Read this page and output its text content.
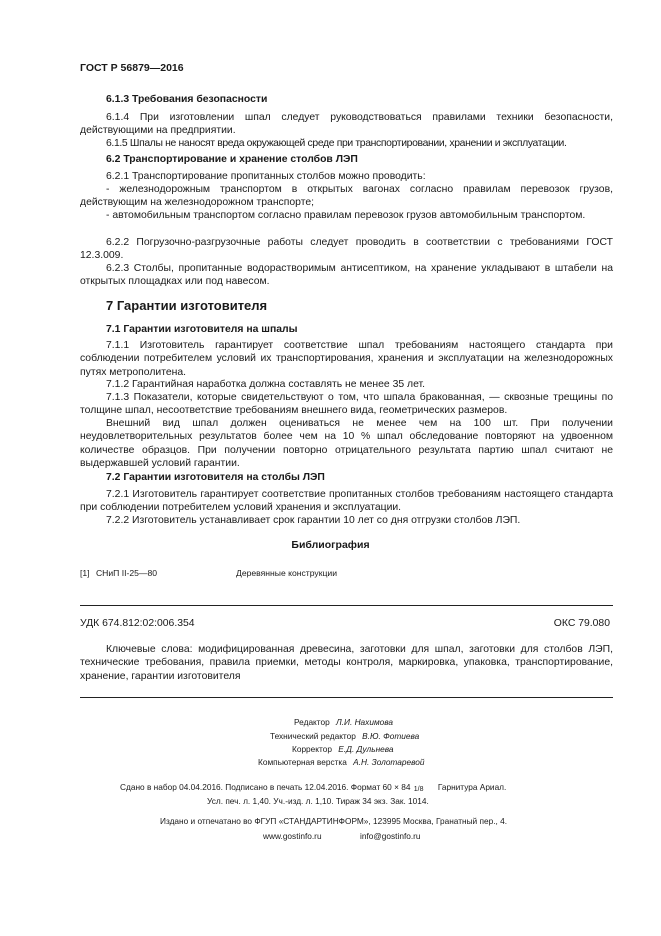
ГОСТ Р 56879—2016

6.1.3 Требования безопасности

6.1.4 При изготовлении шпал следует руководствоваться правилами техники безопасности, действующими на предприятии.

6.1.5 Шпалы не наносят вреда окружающей среде при транспортировании, хранении и эксплуатации.

6.2 Транспортирование и хранение столбов ЛЭП

6.2.1 Транспортирование пропитанных столбов можно проводить:

- железнодорожным транспортом в открытых вагонах согласно правилам перевозок грузов, действующим на железнодорожном транспорте;

- автомобильным транспортом согласно правилам перевозок грузов автомобильным транспортом.

6.2.2 Погрузочно-разгрузочные работы следует проводить в соответствии с требованиями ГОСТ 12.3.009.

6.2.3 Столбы, пропитанные водорастворимым антисептиком, на хранение укладывают в штабели на открытых площадках или под навесом.

7 Гарантии изготовителя

7.1 Гарантии изготовителя на шпалы

7.1.1 Изготовитель гарантирует соответствие шпал требованиям настоящего стандарта при соблюдении потребителем условий их транспортирования, хранения и эксплуатации на железнодорожных путях метрополитена.

7.1.2 Гарантийная наработка должна составлять не менее 35 лет.

7.1.3 Показатели, которые свидетельствуют о том, что шпала бракованная, — сквозные трещины по толщине шпал, несоответствие требованиям внешнего вида, геометрических размеров.

Внешний вид шпал должен оцениваться не менее чем на 100 шт. При получении неудовлетворительных результатов более чем на 10 % шпал обследование повторяют на удвоенном количестве образцов. При получении повторно отрицательного результата партию шпал считают не выдержавшей условий гарантии.

7.2 Гарантии изготовителя на столбы ЛЭП

7.2.1 Изготовитель гарантирует соответствие пропитанных столбов требованиям настоящего стандарта при соблюдении потребителем условий хранения и эксплуатации.

7.2.2 Изготовитель устанавливает срок гарантии 10 лет со дня отгрузки столбов ЛЭП.

Библиография
[1] СНиП II-25—80	Деревянные конструкции
УДК 674.812:02:006.354	ОКС 79.080

Ключевые слова: модифицированная древесина, заготовки для шпал, заготовки для столбов ЛЭП, технические требования, правила приемки, методы контроля, маркировка, упаковка, транспортирование, хранение, гарантии изготовителя

Редактор Л.И. Нахимова
Технический редактор В.Ю. Фотиева
Корректор Е.Д. Дульнева
Компьютерная верстка А.Н. Золотаревой
Сдано в набор 04.04.2016. Подписано в печать 12.04.2016. Формат 60 × 84 1/8 Гарнитура Ариал.
Усл. печ. л. 1,40. Уч.-изд. л. 1,10. Тираж 34 экз. Зак. 1014.
Издано и отпечатано во ФГУП «СТАНДАРТИНФОРМ», 123995 Москва, Гранатный пер., 4.
www.gostinfo.ru	info@gostinfo.ru
